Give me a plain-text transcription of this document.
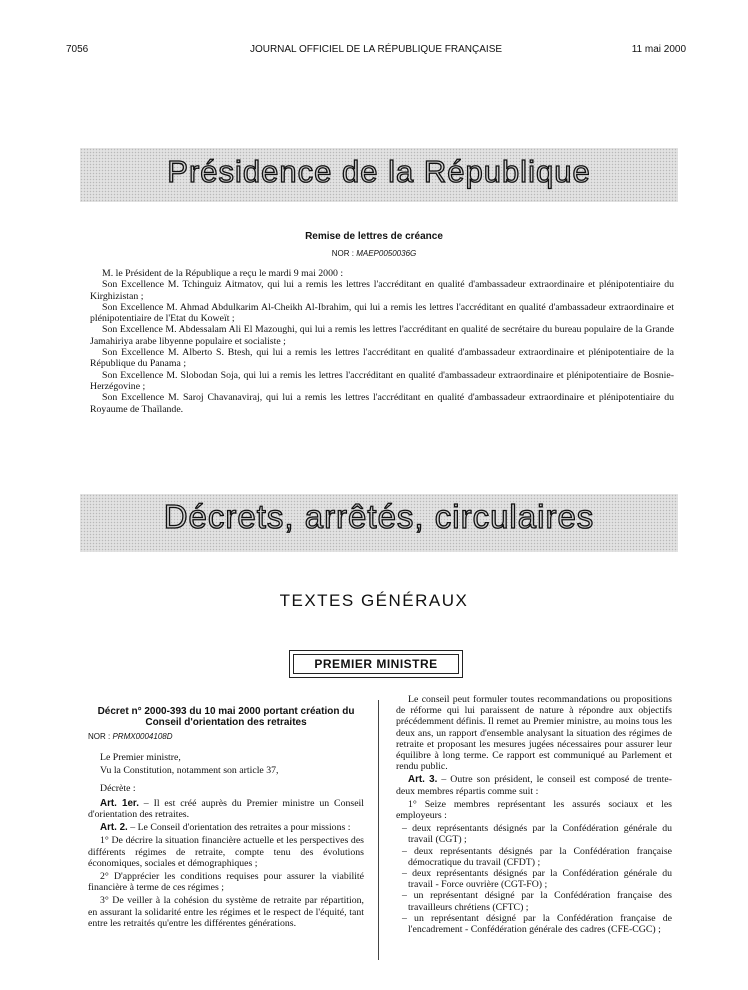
7056	JOURNAL OFFICIEL DE LA RÉPUBLIQUE FRANÇAISE	11 mai 2000
Présidence de la République
Remise de lettres de créance
NOR : MAEP0050036G

M. le Président de la République a reçu le mardi 9 mai 2000 :

Son Excellence M. Tchinguiz Aitmatov, qui lui a remis les lettres l'accréditant en qualité d'ambassadeur extraordinaire et plénipotentiaire du Kirghizistan ;

Son Excellence M. Ahmad Abdulkarim Al-Cheikh Al-Ibrahim, qui lui a remis les lettres l'accréditant en qualité d'ambassadeur extraordinaire et plénipotentiaire de l'Etat du Koweït ;

Son Excellence M. Abdessalam Ali El Mazoughi, qui lui a remis les lettres l'accréditant en qualité de secrétaire du bureau populaire de la Grande Jamahiriya arabe libyenne populaire et socialiste ;

Son Excellence M. Alberto S. Btesh, qui lui a remis les lettres l'accréditant en qualité d'ambassadeur extraordinaire et plénipotentiaire de la République du Panama ;

Son Excellence M. Slobodan Soja, qui lui a remis les lettres l'accréditant en qualité d'ambassadeur extraordinaire et plénipotentiaire de Bosnie-Herzégovine ;

Son Excellence M. Saroj Chavanaviraj, qui lui a remis les lettres l'accréditant en qualité d'ambassadeur extraordinaire et plénipotentiaire du Royaume de Thaïlande.

Décrets, arrêtés, circulaires
TEXTES GÉNÉRAUX
PREMIER MINISTRE

Décret n° 2000-393 du 10 mai 2000 portant création du Conseil d'orientation des retraites

NOR : PRMX0004108D

Le Premier ministre,

Vu la Constitution, notamment son article 37,

Décrète :

Art. 1er. – Il est créé auprès du Premier ministre un Conseil d'orientation des retraites.

Art. 2. – Le Conseil d'orientation des retraites a pour missions :

1° De décrire la situation financière actuelle et les perspectives des différents régimes de retraite, compte tenu des évolutions économiques, sociales et démographiques ;

2° D'apprécier les conditions requises pour assurer la viabilité financière à terme de ces régimes ;

3° De veiller à la cohésion du système de retraite par répartition, en assurant la solidarité entre les régimes et le respect de l'équité, tant entre les retraités qu'entre les différentes générations.

Le conseil peut formuler toutes recommandations ou propositions de réforme qui lui paraissent de nature à répondre aux objectifs précédemment définis. Il remet au Premier ministre, au moins tous les deux ans, un rapport d'ensemble analysant la situation des régimes de retraite et proposant les mesures jugées nécessaires pour assurer leur équilibre à long terme. Ce rapport est communiqué au Parlement et rendu public.

Art. 3. – Outre son président, le conseil est composé de trente-deux membres répartis comme suit :

1° Seize membres représentant les assurés sociaux et les employeurs :

– deux représentants désignés par la Confédération générale du travail (CGT) ;

– deux représentants désignés par la Confédération française démocratique du travail (CFDT) ;

– deux représentants désignés par la Confédération générale du travail - Force ouvrière (CGT-FO) ;

– un représentant désigné par la Confédération française des travailleurs chrétiens (CFTC) ;

– un représentant désigné par la Confédération française de l'encadrement - Confédération générale des cadres (CFE-CGC) ;
